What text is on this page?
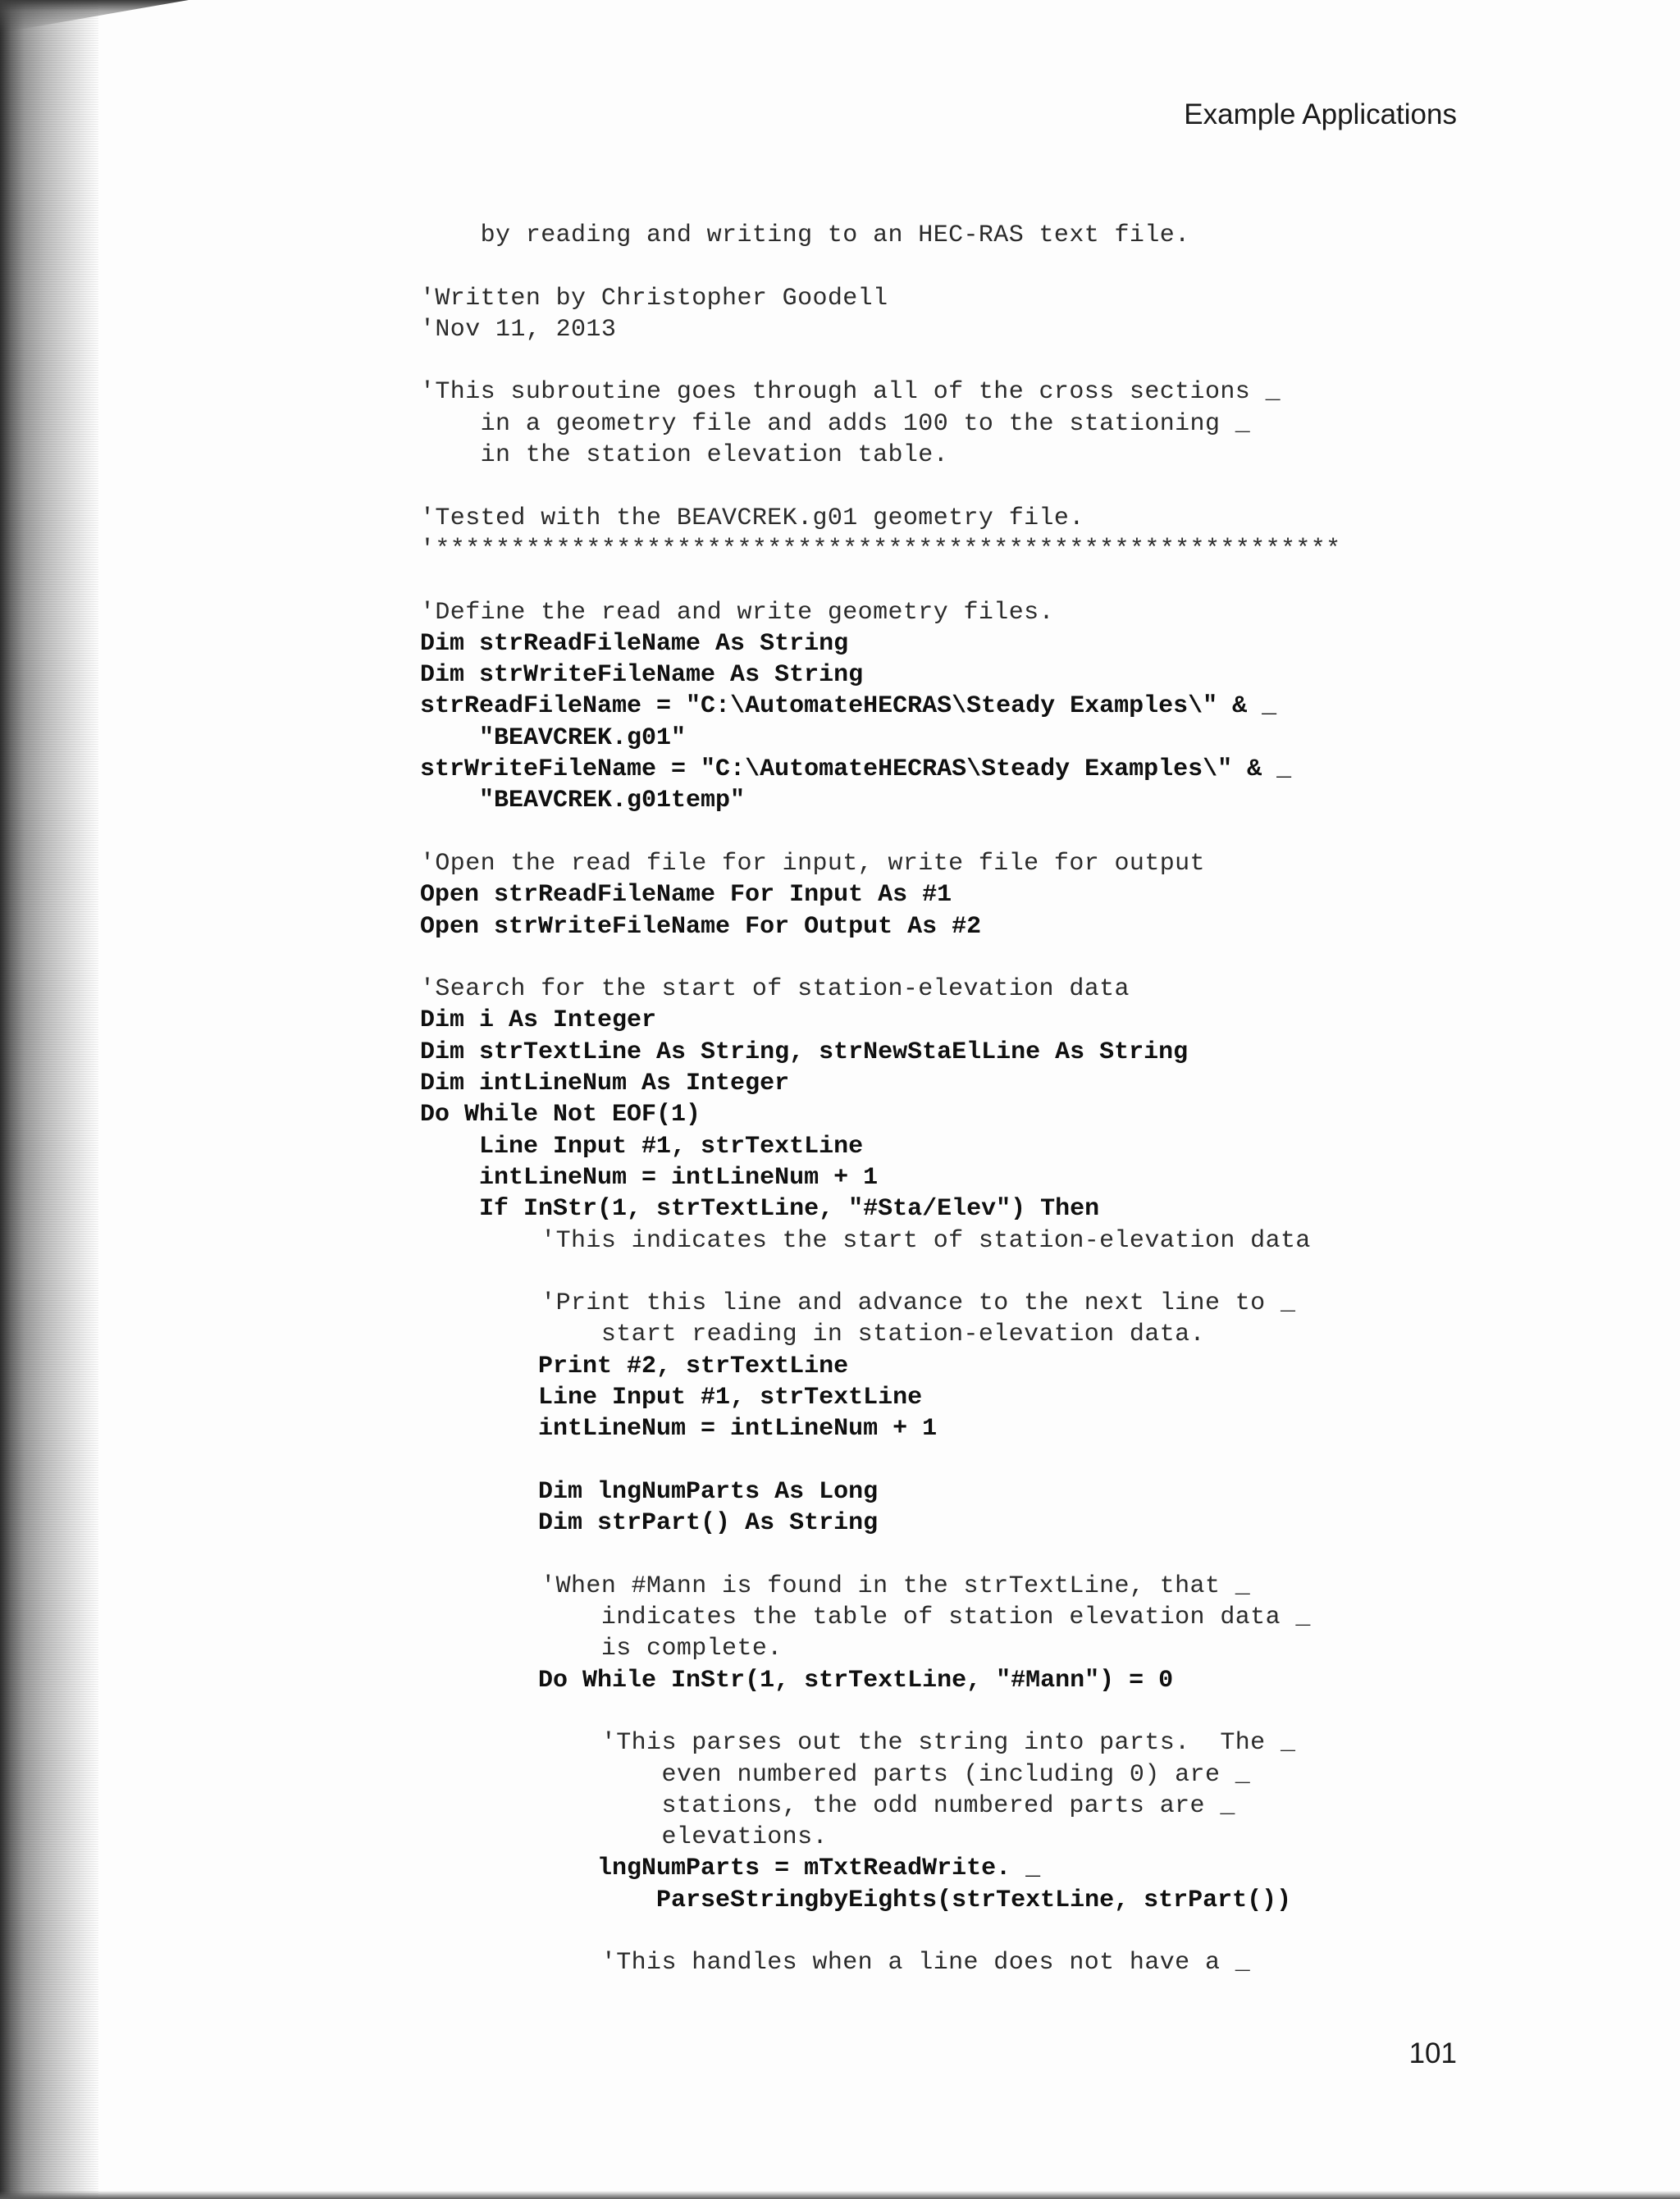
Example Applications

by reading and writing to an HEC-RAS text file.
'Written by Christopher Goodell
'Nov 11, 2013
'This subroutine goes through all of the cross sections _
in a geometry file and adds 100 to the stationing _
in the station elevation table.
'Tested with the BEAVCREK.g01 geometry file.
'************************************************************
'Define the read and write geometry files.
Dim strReadFileName As String
Dim strWriteFileName As String
strReadFileName = "C:\AutomateHECRAS\Steady Examples\" & _
"BEAVCREK.g01"
strWriteFileName = "C:\AutomateHECRAS\Steady Examples\" & _
"BEAVCREK.g01temp"
'Open the read file for input, write file for output
Open strReadFileName For Input As #1
Open strWriteFileName For Output As #2
'Search for the start of station-elevation data
Dim i As Integer
Dim strTextLine As String, strNewStaElLine As String
Dim intLineNum As Integer
Do While Not EOF(1)
Line Input #1, strTextLine
intLineNum = intLineNum + 1
If InStr(1, strTextLine, "#Sta/Elev") Then
'This indicates the start of station-elevation data
'Print this line and advance to the next line to _
start reading in station-elevation data.
Print #2, strTextLine
Line Input #1, strTextLine
intLineNum = intLineNum + 1
Dim lngNumParts As Long
Dim strPart() As String
'When #Mann is found in the strTextLine, that _
indicates the table of station elevation data _
is complete.
Do While InStr(1, strTextLine, "#Mann") = 0
'This parses out the string into parts.  The _
even numbered parts (including 0) are _
stations, the odd numbered parts are _
elevations.
lngNumParts = mTxtReadWrite. _
ParseStringbyEights(strTextLine, strPart())
'This handles when a line does not have a _

101
